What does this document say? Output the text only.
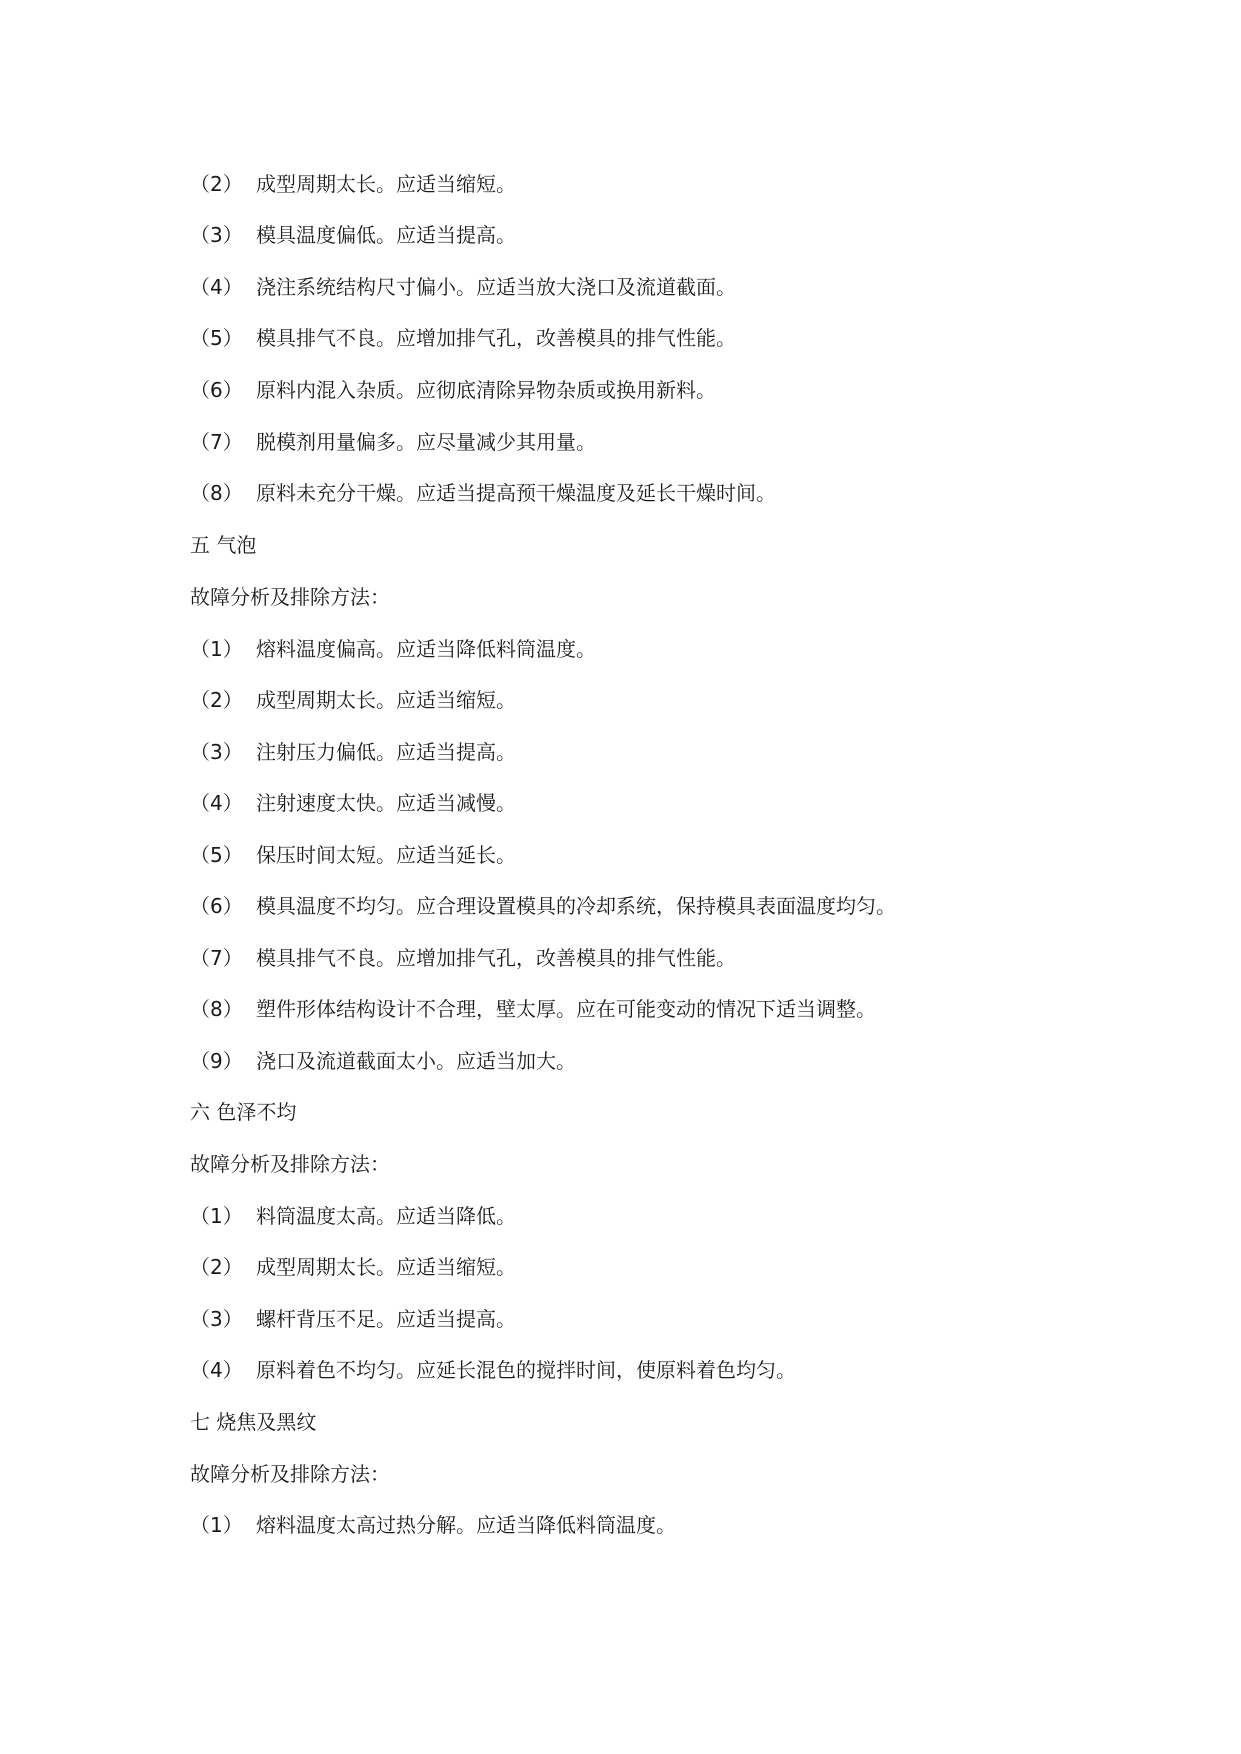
（2） 成型周期太长。应适当缩短。
（3） 模具温度偏低。应适当提高。
（4） 浇注系统结构尺寸偏小。应适当放大浇口及流道截面。
（5） 模具排气不良。应增加排气孔，改善模具的排气性能。
（6） 原料内混入杂质。应彻底清除异物杂质或换用新料。
（7） 脱模剂用量偏多。应尽量减少其用量。
（8） 原料未充分干燥。应适当提高预干燥温度及延长干燥时间。
五 气泡
故障分析及排除方法：
（1） 熔料温度偏高。应适当降低料筒温度。
（2） 成型周期太长。应适当缩短。
（3） 注射压力偏低。应适当提高。
（4） 注射速度太快。应适当减慢。
（5） 保压时间太短。应适当延长。
（6） 模具温度不均匀。应合理设置模具的冷却系统，保持模具表面温度均匀。
（7） 模具排气不良。应增加排气孔，改善模具的排气性能。
（8） 塑件形体结构设计不合理，壁太厚。应在可能变动的情况下适当调整。
（9） 浇口及流道截面太小。应适当加大。
六 色泽不均
故障分析及排除方法：
（1） 料筒温度太高。应适当降低。
（2） 成型周期太长。应适当缩短。
（3） 螺杆背压不足。应适当提高。
（4） 原料着色不均匀。应延长混色的搅拌时间，使原料着色均匀。
七 烧焦及黑纹
故障分析及排除方法：
（1） 熔料温度太高过热分解。应适当降低料筒温度。
